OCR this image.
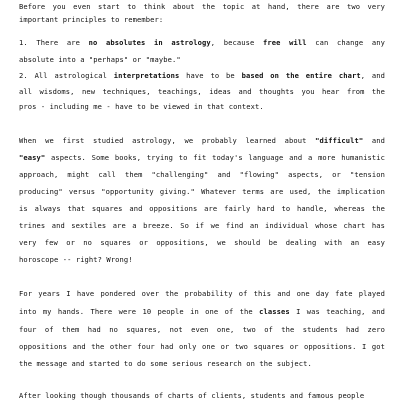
Before you even start to think about the topic at hand, there are two very
important principles to remember:
1. There are no absolutes in astrology, because free will can change any
absolute into a "perhaps" or "maybe."
2. All astrological interpretations have to be based on the entire chart, and
all wisdoms, new techniques, teachings, ideas and thoughts you hear from the
pros - including me - have to be viewed in that context.
When we first studied astrology, we probably learned about "difficult" and
"easy" aspects. Some books, trying to fit today's language and a more humanistic
approach, might call them "challenging" and "flowing" aspects, or "tension
producing" versus "opportunity giving." Whatever terms are used, the implication
is always that squares and oppositions are fairly hard to handle, whereas the
trines and sextiles are a breeze. So if we find an individual whose chart has
very few or no squares or oppositions, we should be dealing with an easy
horoscope -- right? Wrong!
For years I have pondered over the probability of this and one day fate played
into my hands. There were 10 people in one of the classes I was teaching, and
four of them had no squares, not even one, two of the students had zero
oppositions and the other four had only one or two squares or oppositions. I got
the message and started to do some serious research on the subject.
After looking though thousands of charts of clients, students and famous people
